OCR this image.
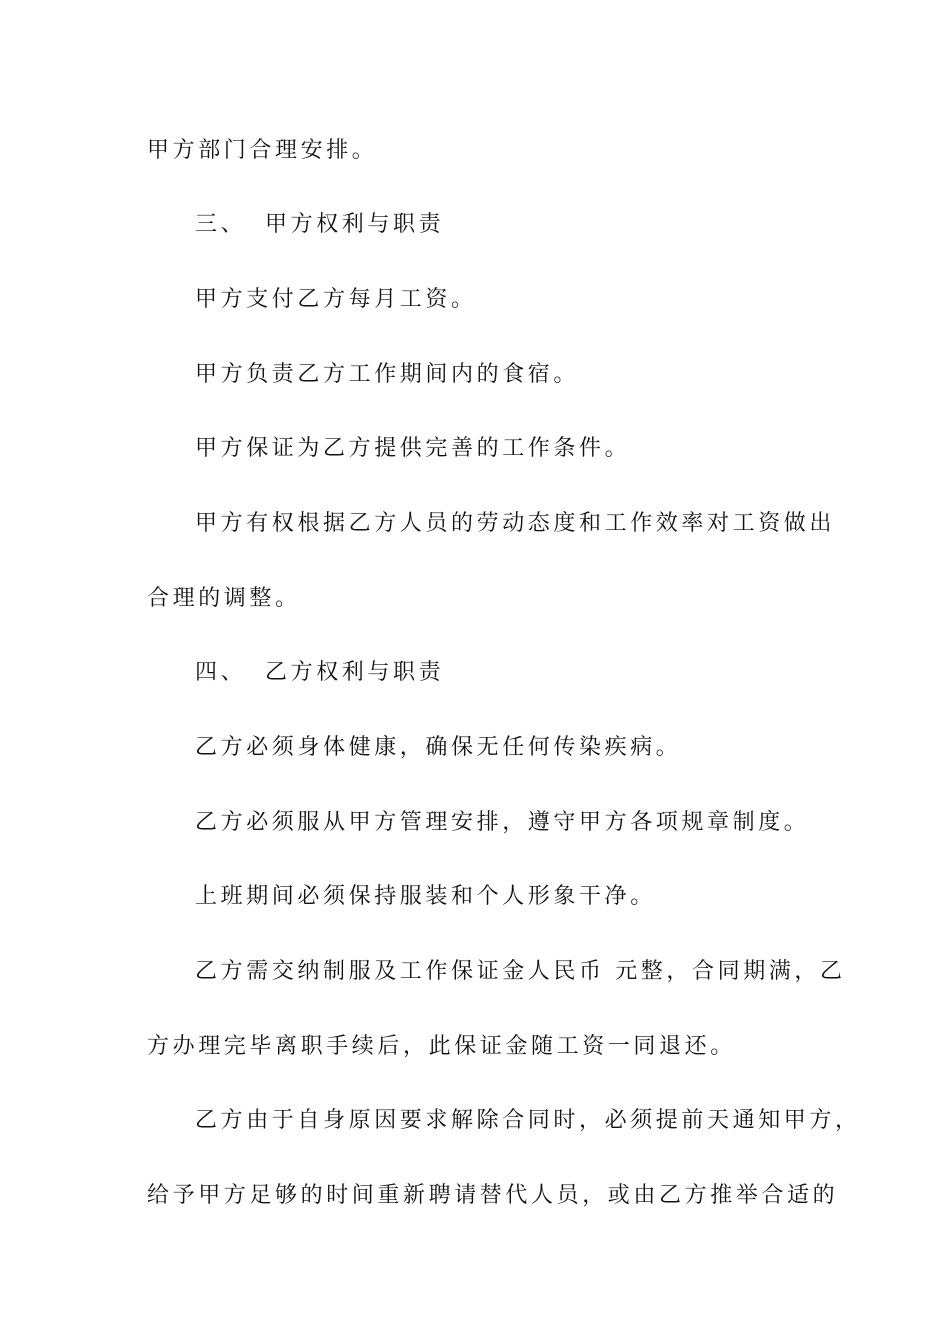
甲方部门合理安排。
三、 甲方权利与职责
甲方支付乙方每月工资。
甲方负责乙方工作期间内的食宿。
甲方保证为乙方提供完善的工作条件。
甲方有权根据乙方人员的劳动态度和工作效率对工资做出
合理的调整。
四、 乙方权利与职责
乙方必须身体健康，确保无任何传染疾病。
乙方必须服从甲方管理安排，遵守甲方各项规章制度。
上班期间必须保持服装和个人形象干净。
乙方需交纳制服及工作保证金人民币 元整，合同期满，乙
方办理完毕离职手续后，此保证金随工资一同退还。
乙方由于自身原因要求解除合同时，必须提前天通知甲方，
给予甲方足够的时间重新聘请替代人员，或由乙方推举合适的
